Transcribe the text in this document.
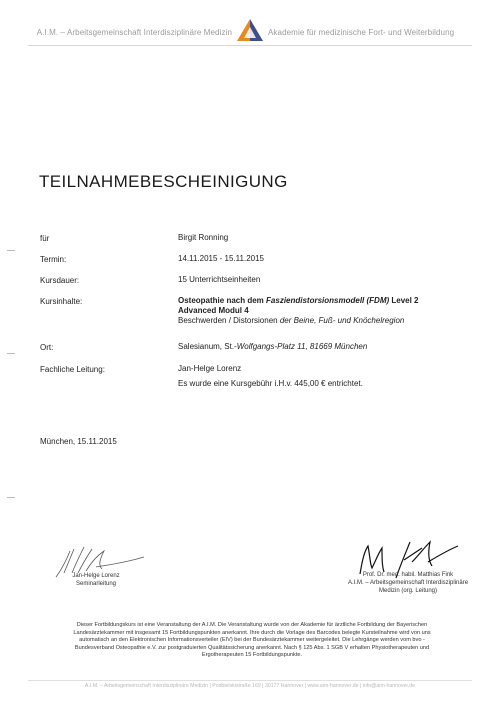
A.I.M. – Arbeitsgemeinschaft Interdisziplinäre Medizin	Akademie für medizinische Fort- und Weiterbildung
TEILNAHMEBESCHEINIGUNG
für	Birgit Ronning
Termin:	14.11.2015 - 15.11.2015
Kursdauer:	15 Unterrichtseinheiten
Kursinhalte:	Osteopathie nach dem Fasziendistorsionsmodell (FDM) Level 2
Advanced Modul 4
Beschwerden / Distorsionen der Beine, Fuß- und Knöchelregion
Ort:	Salesianum, St.-Wolfgangs-Platz 11, 81669 München
Fachliche Leitung:	Jan-Helge Lorenz
Es wurde eine Kursgebühr i.H.v. 445,00 € entrichtet.
München, 15.11.2015
Jan-Helge Lorenz
Seminarleitung
Prof. Dr. med. habil. Matthias Fink
A.I.M. – Arbeitsgemeinschaft Interdisziplinäre
Medizin (org. Leitung)
Dieser Fortbildungskurs ist eine Veranstaltung der A.I.M. Die Veranstaltung wurde von der Akademie für ärztliche Fortbildung der Bayerischen
Landesärztekammer mit insgesamt 15 Fortbildungspunkten anerkannt. Ihre durch die Vorlage des Barcodes belegte Kursteilnahme wird von uns
automatisch an den Elektronischen Informationsverteiler (EIV) bei der Bundesärztekammer weitergeleitet. Die Lehrgänge werden vom bvo -
Bundesverband Osteopathie e.V. zur postgraduierten Qualitätssicherung anerkannt. Nach § 125 Abs. 1 SGB V erhalten Physiotherapeuten und
Ergotherapeuten 15 Fortbildungspunkte.
A.I.M. – Arbeitsgemeinschaft Interdisziplinäre Medizin | Podbielskistraße 169 | 30177 Hannover | www.aim-hannover.de | info@aim-hannover.de
